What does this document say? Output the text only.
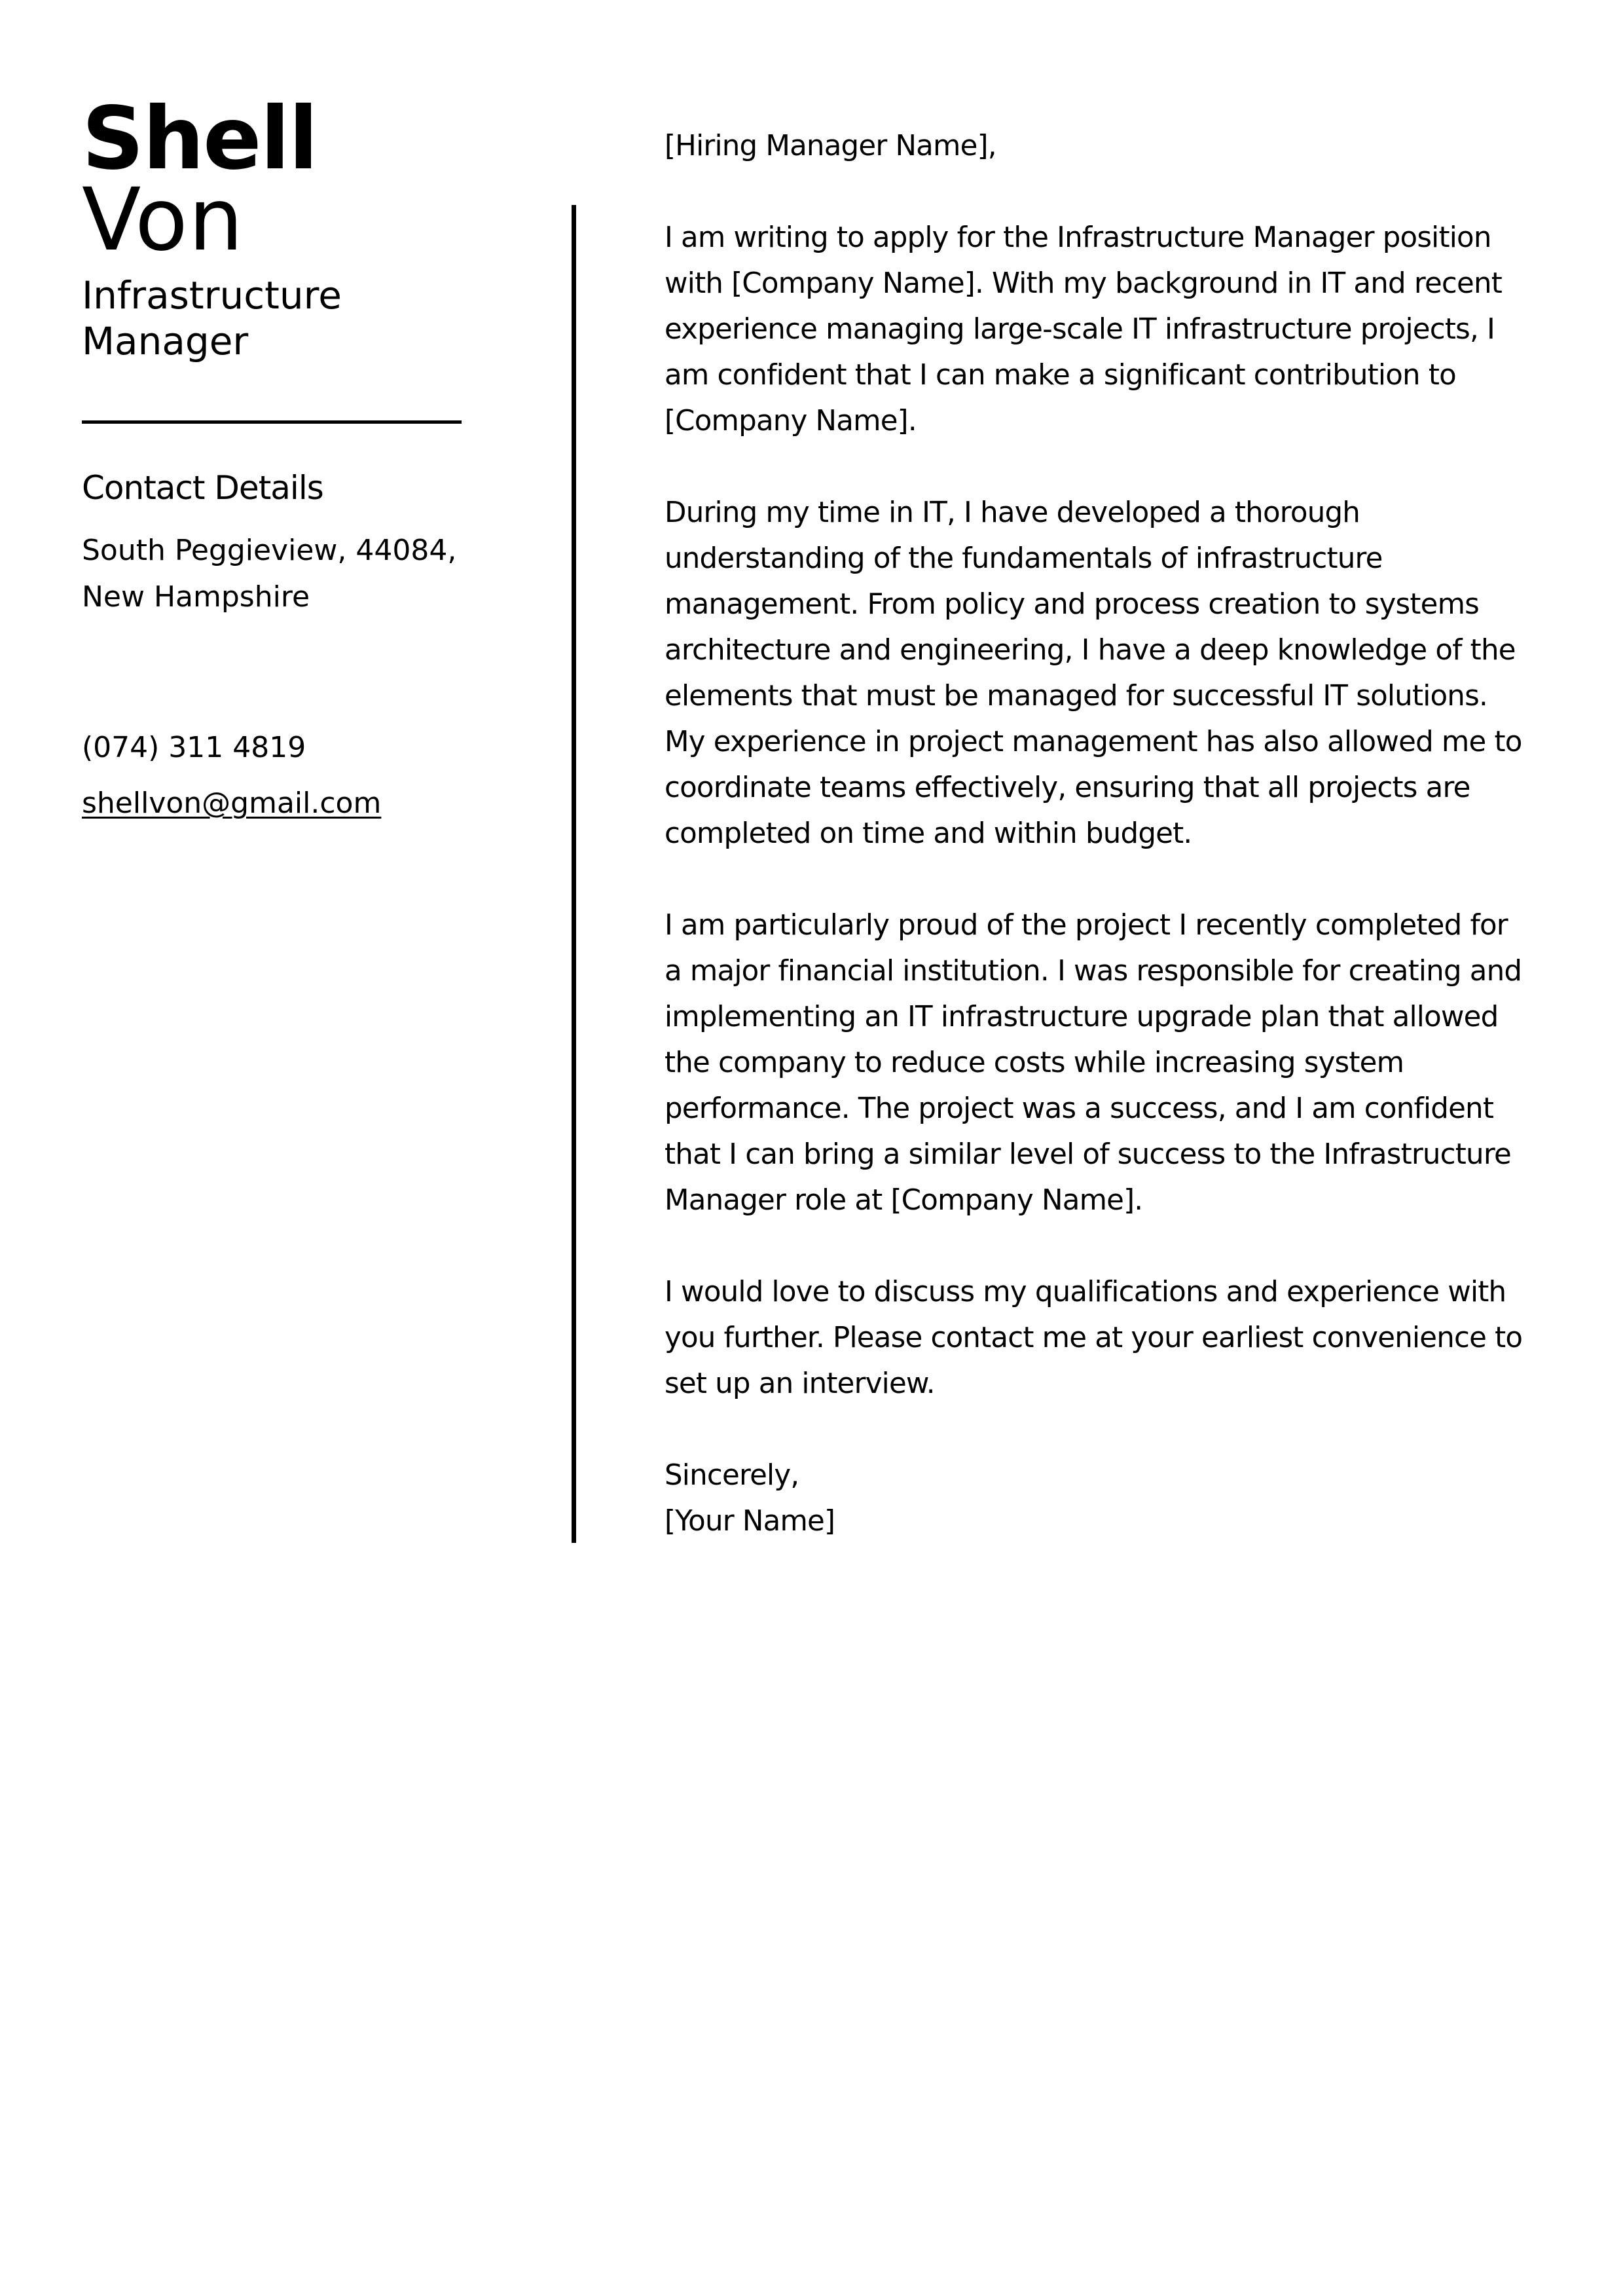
Shell
Von
Infrastructure
Manager
Contact Details
South Peggieview, 44084,
New Hampshire
(074) 311 4819
shellvon@gmail.com
[Hiring Manager Name],
I am writing to apply for the Infrastructure Manager position
with [Company Name]. With my background in IT and recent
experience managing large-scale IT infrastructure projects, I
am confident that I can make a significant contribution to
[Company Name].
During my time in IT, I have developed a thorough
understanding of the fundamentals of infrastructure
management. From policy and process creation to systems
architecture and engineering, I have a deep knowledge of the
elements that must be managed for successful IT solutions.
My experience in project management has also allowed me to
coordinate teams effectively, ensuring that all projects are
completed on time and within budget.
I am particularly proud of the project I recently completed for
a major financial institution. I was responsible for creating and
implementing an IT infrastructure upgrade plan that allowed
the company to reduce costs while increasing system
performance. The project was a success, and I am confident
that I can bring a similar level of success to the Infrastructure
Manager role at [Company Name].
I would love to discuss my qualifications and experience with
you further. Please contact me at your earliest convenience to
set up an interview.
Sincerely,
[Your Name]
